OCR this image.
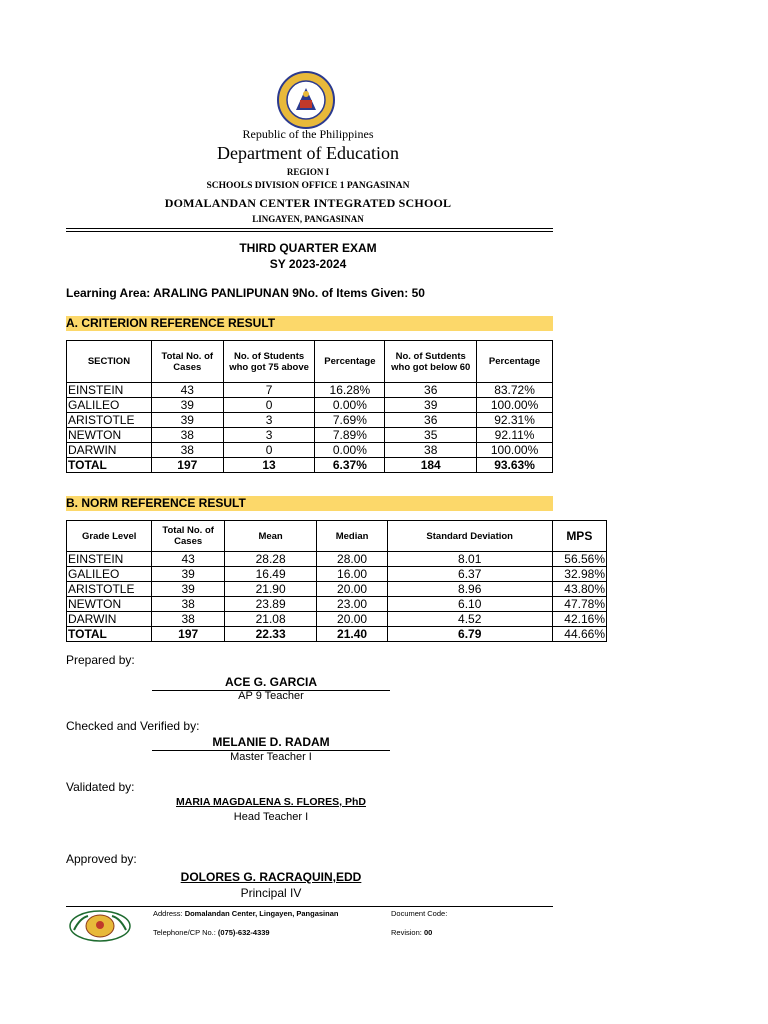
Republic of the Philippines
Department of Education
REGION I
SCHOOLS DIVISION OFFICE 1 PANGASINAN
DOMALANDAN CENTER INTEGRATED SCHOOL
LINGAYEN, PANGASINAN
THIRD QUARTER EXAM
SY 2023-2024
Learning Area: ARALING PANLIPUNAN 9No. of Items Given: 50
A. CRITERION REFERENCE RESULT
SECTION	Total No. of Cases	No. of Students who got 75 above	Percentage	No. of Sutdents who got below 60	Percentage
EINSTEIN	43	7	16.28%	36	83.72%
GALILEO	39	0	0.00%	39	100.00%
ARISTOTLE	39	3	7.69%	36	92.31%
NEWTON	38	3	7.89%	35	92.11%
DARWIN	38	0	0.00%	38	100.00%
TOTAL	197	13	6.37%	184	93.63%
B. NORM REFERENCE RESULT
Grade Level	Total No. of Cases	Mean	Median	Standard Deviation	MPS
EINSTEIN	43	28.28	28.00	8.01	56.56%
GALILEO	39	16.49	16.00	6.37	32.98%
ARISTOTLE	39	21.90	20.00	8.96	43.80%
NEWTON	38	23.89	23.00	6.10	47.78%
DARWIN	38	21.08	20.00	4.52	42.16%
TOTAL	197	22.33	21.40	6.79	44.66%
Prepared by:
ACE G. GARCIA
AP 9 Teacher
Checked and Verified by:
MELANIE D. RADAM
Master Teacher I
Validated by:
MARIA MAGDALENA S. FLORES, PhD
Head Teacher I
Approved by:
DOLORES G. RACRAQUIN,EDD
Principal IV
Address: Domalandan Center, Lingayen, Pangasinan
Telephone/CP No.: (075)-632-4339
Document Code:
Revision: 00
